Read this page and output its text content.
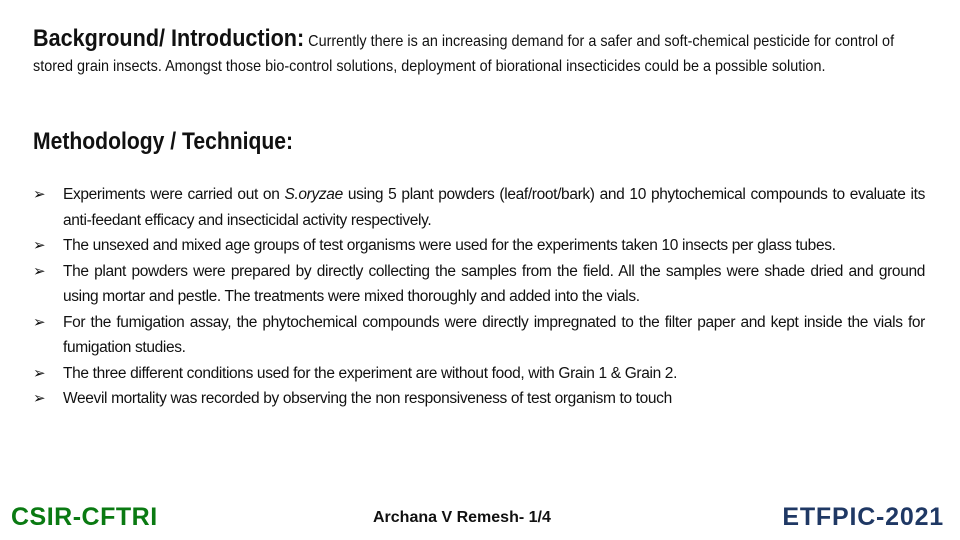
Background/ Introduction: Currently there is an increasing demand for a safer and soft-chemical pesticide for control of stored grain insects. Amongst those bio-control solutions, deployment of biorational insecticides could be a possible solution.
Methodology / Technique:
➢ Experiments were carried out on S.oryzae using 5 plant powders (leaf/root/bark) and 10 phytochemical compounds to evaluate its anti-feedant efficacy and insecticidal activity respectively.
➢ The unsexed and mixed age groups of test organisms were used for the experiments taken 10 insects per glass tubes.
➢ The plant powders were prepared by directly collecting the samples from the field. All the samples were shade dried and ground using mortar and pestle. The treatments were mixed thoroughly and added into the vials.
➢ For the fumigation assay, the phytochemical compounds were directly impregnated to the filter paper and kept inside the vials for fumigation studies.
➢ The three different conditions used for the experiment are without food, with Grain 1 & Grain 2.
➢ Weevil mortality was recorded by observing the non responsiveness of test organism to touch
CSIR-CFTRI	Archana V Remesh- 1/4	ETFPIC-2021
